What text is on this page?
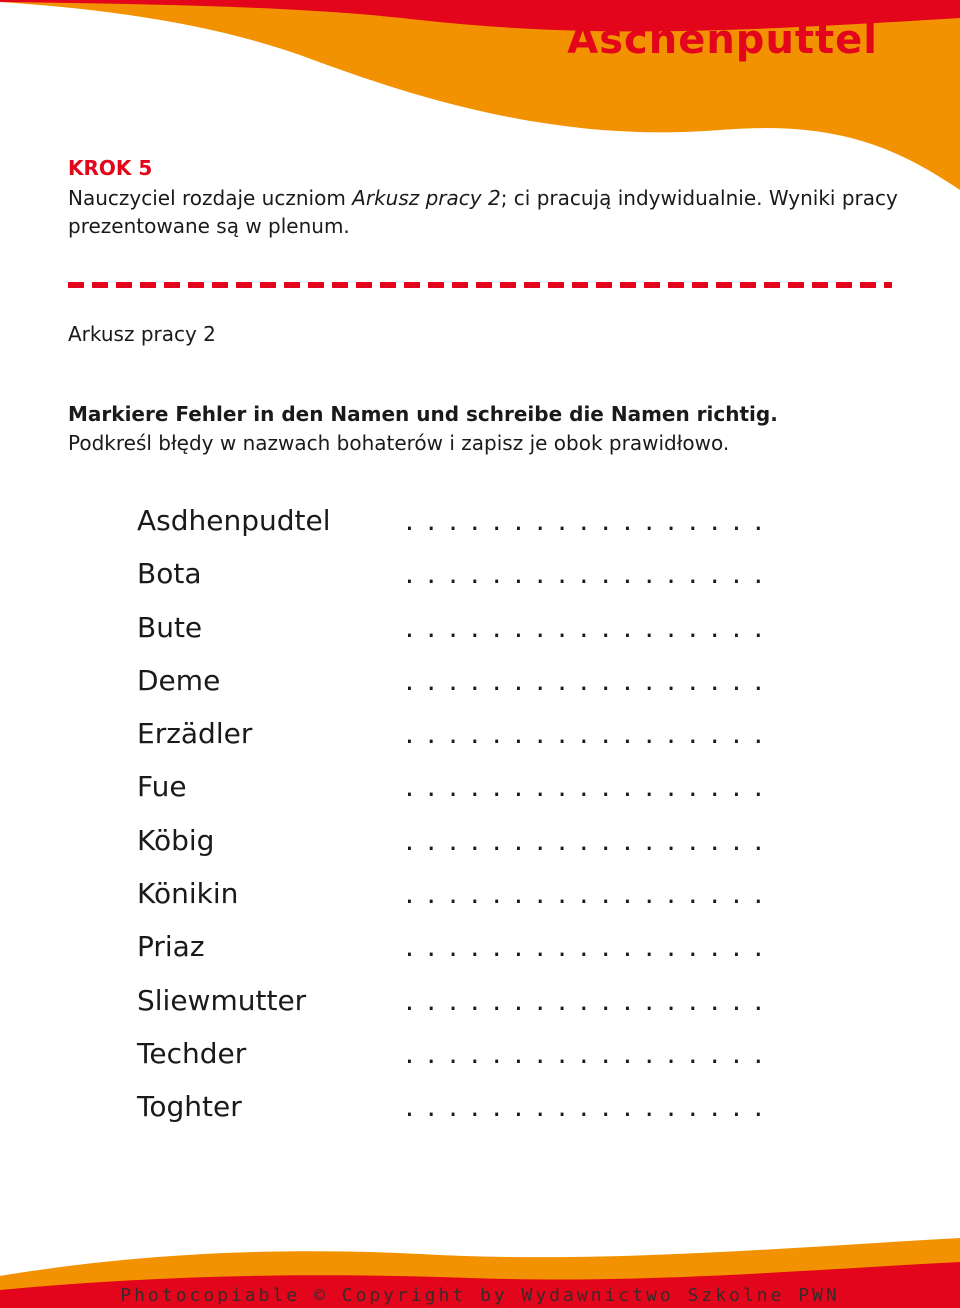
Aschenputtel
KROK 5
Nauczyciel rozdaje uczniom Arkusz pracy 2; ci pracują indywidualnie. Wyniki pracy prezentowane są w plenum.
Arkusz pracy 2
Markiere Fehler in den Namen und schreibe die Namen richtig.
Podkreśl błędy w nazwach bohaterów i zapisz je obok prawidłowo.
Asdhenpudtel	. . . . . . . . . . . . . . . . .
Bota	. . . . . . . . . . . . . . . . .
Bute	. . . . . . . . . . . . . . . . .
Deme	. . . . . . . . . . . . . . . . .
Erzädler	. . . . . . . . . . . . . . . . .
Fue	. . . . . . . . . . . . . . . . .
Köbig	. . . . . . . . . . . . . . . . .
Könikin	. . . . . . . . . . . . . . . . .
Priaz	. . . . . . . . . . . . . . . . .
Sliewmutter	. . . . . . . . . . . . . . . . .
Techder	. . . . . . . . . . . . . . . . .
Toghter	. . . . . . . . . . . . . . . . .
Photocopiable © Copyright by Wydawnictwo Szkolne PWN
